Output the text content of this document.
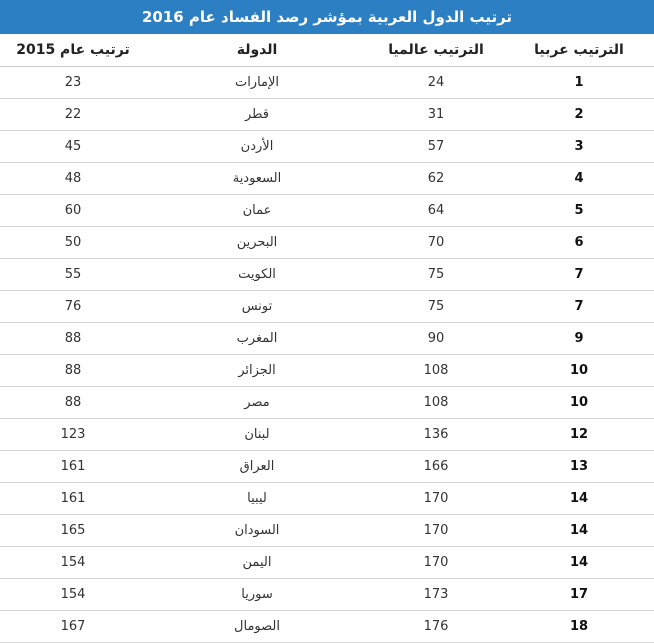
ترتيب الدول العربية بمؤشر رصد الفساد عام 2016
الترتيب عربيا	الترتيب عالميا	الدولة	ترتيب عام 2015
1	24	الإمارات	23
2	31	قطر	22
3	57	الأردن	45
4	62	السعودية	48
5	64	عمان	60
6	70	البحرين	50
7	75	الكويت	55
7	75	تونس	76
9	90	المغرب	88
10	108	الجزائر	88
10	108	مصر	88
12	136	لبنان	123
13	166	العراق	161
14	170	ليبيا	161
14	170	السودان	165
14	170	اليمن	154
17	173	سوريا	154
18	176	الصومال	167
